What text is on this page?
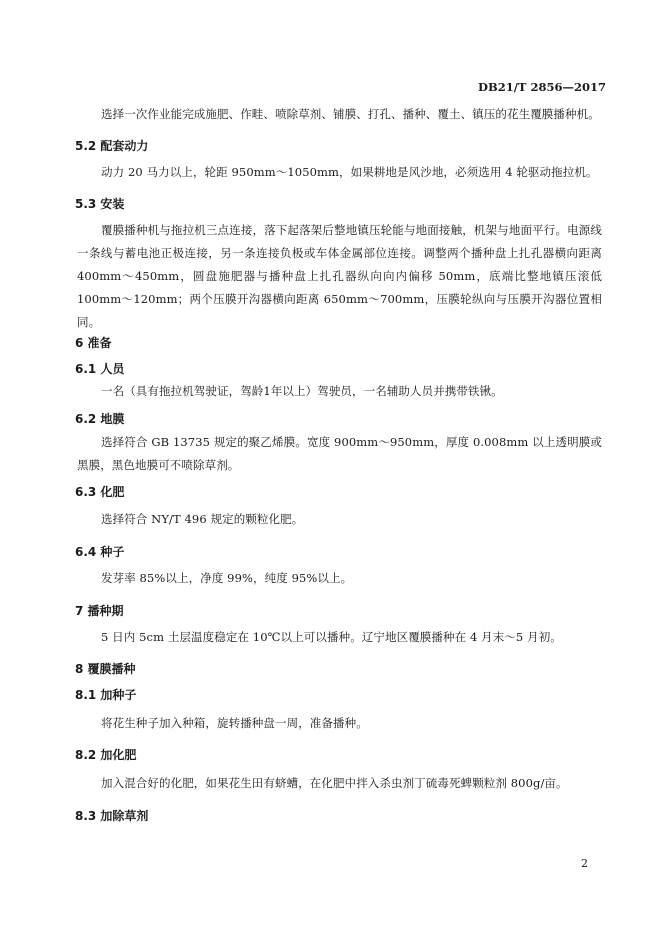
DB21/T 2856—2017
选择一次作业能完成施肥、作畦、喷除草剂、铺膜、打孔、播种、覆土、镇压的花生覆膜播种机。
5.2 配套动力
动力 20 马力以上，轮距 950mm～1050mm，如果耕地是风沙地，必须选用 4 轮驱动拖拉机。
5.3 安装
覆膜播种机与拖拉机三点连接，落下起落架后整地镇压轮能与地面接触，机架与地面平行。电源线一条线与蓄电池正极连接，另一条连接负极或车体金属部位连接。调整两个播种盘上扎孔器横向距离 400mm～450mm，圆盘施肥器与播种盘上扎孔器纵向向内偏移 50mm，底端比整地镇压滚低 100mm～120mm；两个压膜开沟器横向距离 650mm～700mm，压膜轮纵向与压膜开沟器位置相同。
6 准备
6.1 人员
一名（具有拖拉机驾驶证，驾龄1年以上）驾驶员，一名辅助人员并携带铁锹。
6.2 地膜
选择符合 GB 13735 规定的聚乙烯膜。宽度 900mm～950mm，厚度 0.008mm 以上透明膜或黑膜，黑色地膜可不喷除草剂。
6.3 化肥
选择符合 NY/T 496 规定的颗粒化肥。
6.4 种子
发芽率 85%以上，净度 99%，纯度 95%以上。
7 播种期
5 日内 5cm 土层温度稳定在 10℃以上可以播种。辽宁地区覆膜播种在 4 月末～5 月初。
8 覆膜播种
8.1 加种子
将花生种子加入种箱，旋转播种盘一周，准备播种。
8.2 加化肥
加入混合好的化肥，如果花生田有蛴螬，在化肥中拌入杀虫剂丁硫毒死蜱颗粒剂 800g/亩。
8.3 加除草剂
2
